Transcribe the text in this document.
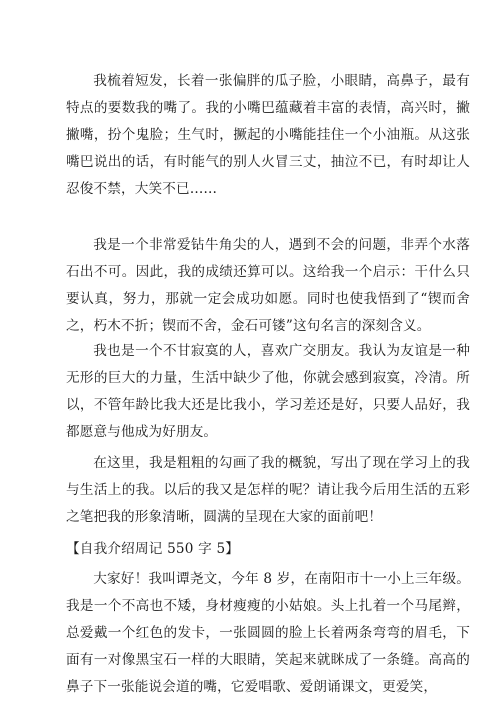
我梳着短发，长着一张偏胖的瓜子脸，小眼睛，高鼻子，最有特点的要数我的嘴了。我的小嘴巴蕴藏着丰富的表情，高兴时，撇撇嘴，扮个鬼脸；生气时，撅起的小嘴能挂住一个小油瓶。从这张嘴巴说出的话，有时能气的别人火冒三丈，抽泣不已，有时却让人忍俊不禁，大笑不已……

我是一个非常爱钻牛角尖的人，遇到不会的问题，非弄个水落石出不可。因此，我的成绩还算可以。这给我一个启示：干什么只要认真，努力，那就一定会成功如愿。同时也使我悟到了“锲而舍之，朽木不折；锲而不舍，金石可镂”这句名言的深刻含义。

我也是一个不甘寂寞的人，喜欢广交朋友。我认为友谊是一种无形的巨大的力量，生活中缺少了他，你就会感到寂寞，冷清。所以，不管年龄比我大还是比我小，学习差还是好，只要人品好，我都愿意与他成为好朋友。

在这里，我是粗粗的勾画了我的概貌，写出了现在学习上的我与生活上的我。以后的我又是怎样的呢？请让我今后用生活的五彩之笔把我的形象清晰，圆满的呈现在大家的面前吧！

【自我介绍周记 550 字 5】

大家好！我叫谭尧文，今年 8 岁，在南阳市十一小上三年级。我是一个不高也不矮，身材瘦瘦的小姑娘。头上扎着一个马尾辫，总爱戴一个红色的发卡，一张圆圆的脸上长着两条弯弯的眉毛，下面有一对像黑宝石一样的大眼睛，笑起来就眯成了一条缝。高高的鼻子下一张能说会道的嘴，它爱唱歌、爱朗诵课文，更爱笑，
